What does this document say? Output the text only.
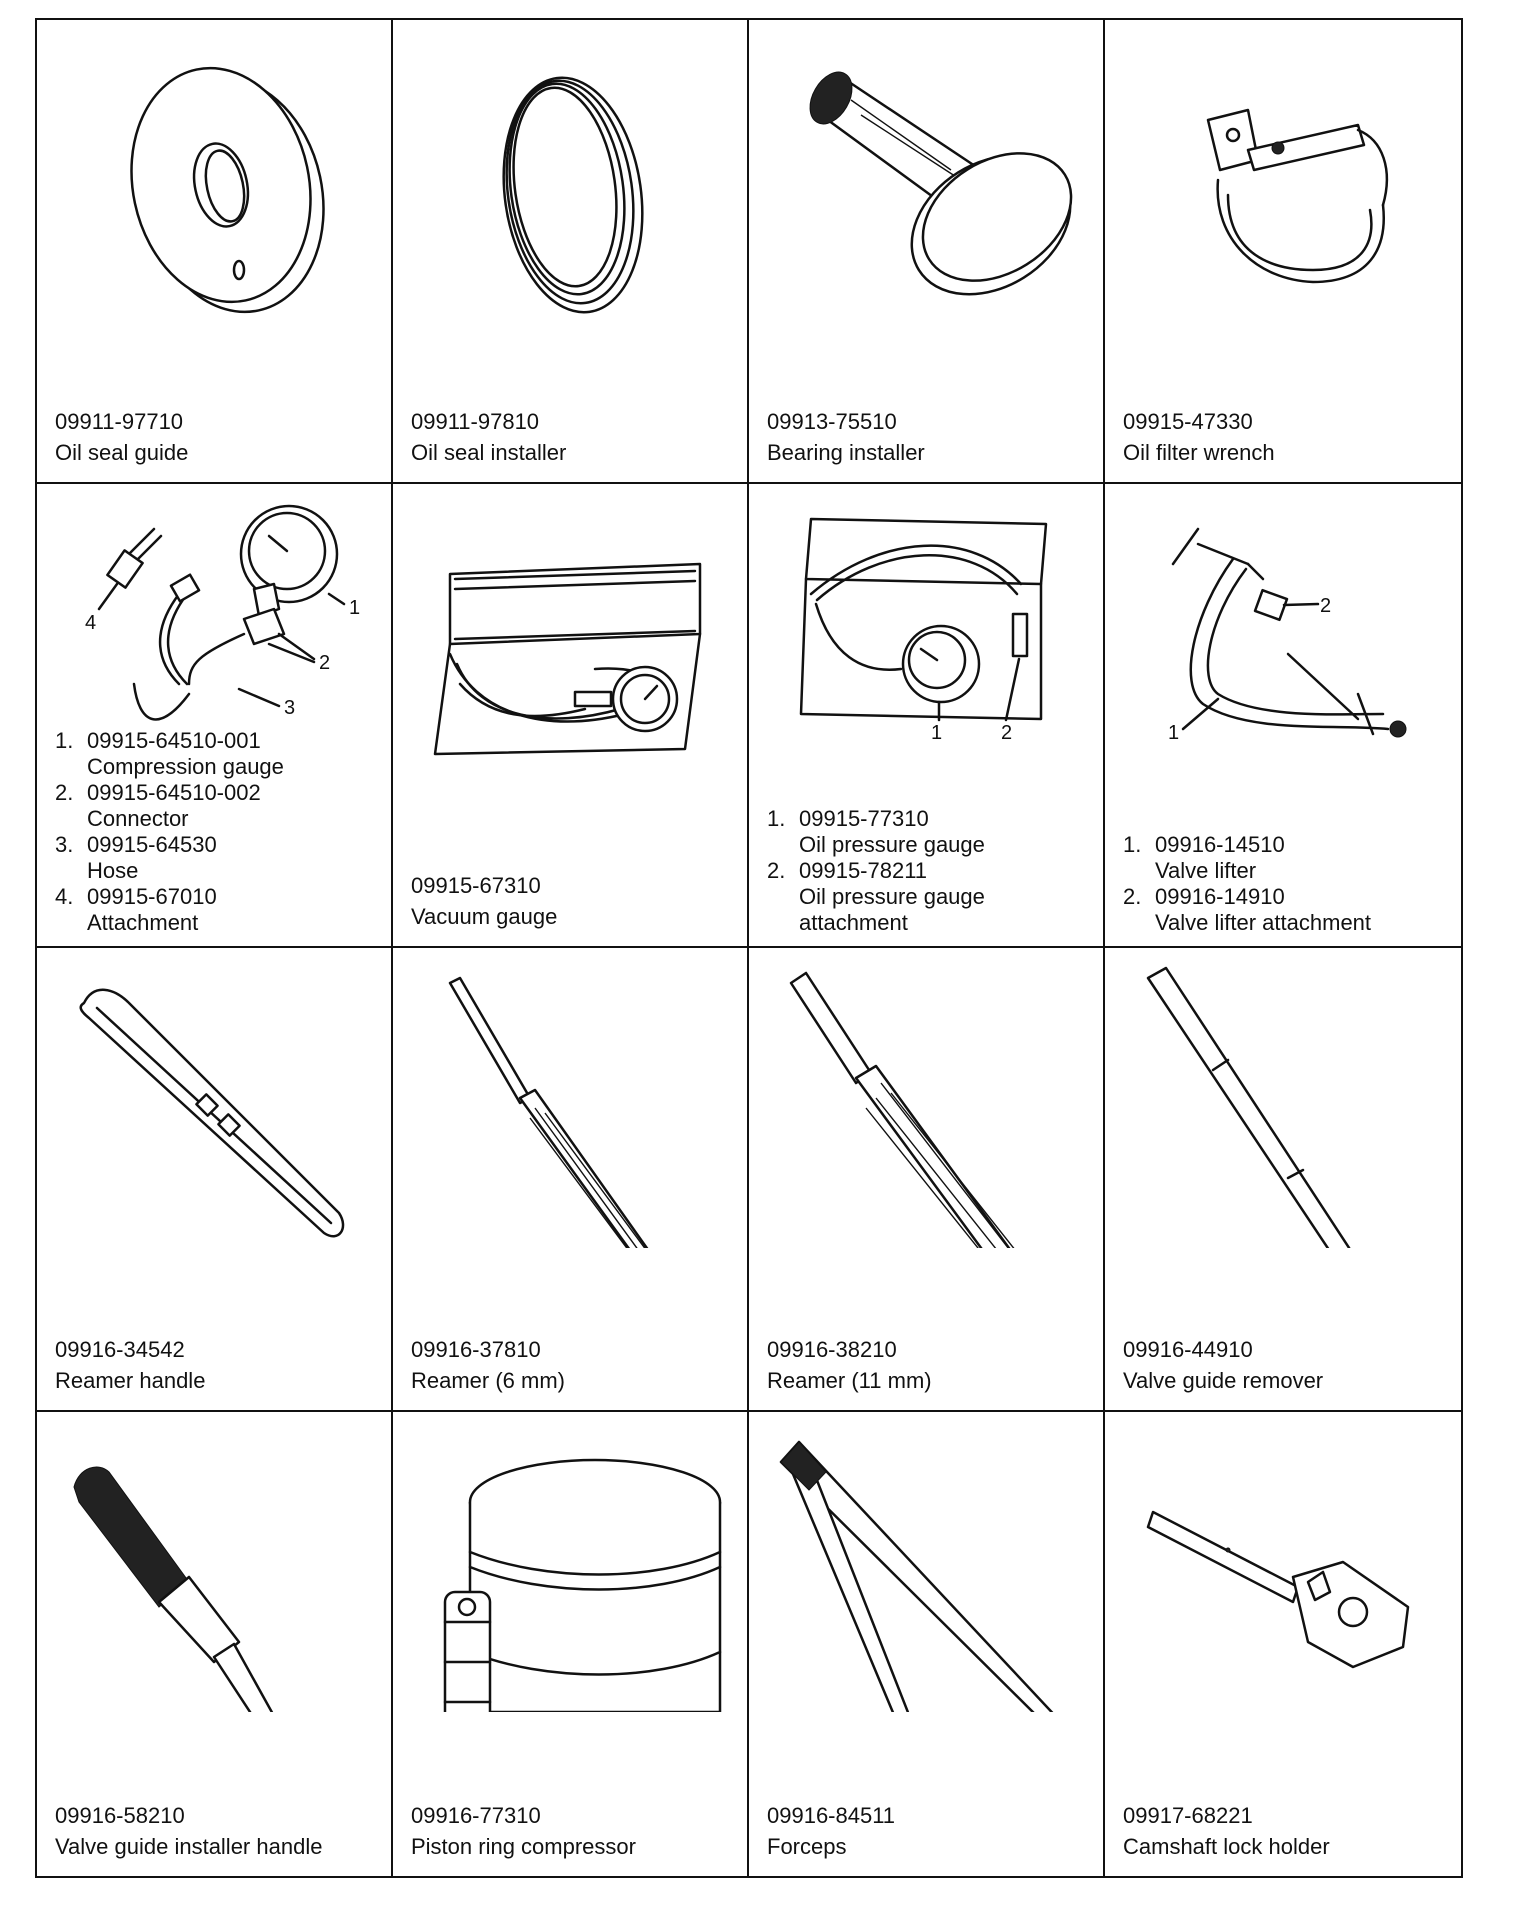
09911-97710
Oil seal guide
09911-97810
Oil seal installer
09913-75510
Bearing installer
09915-47330
Oil filter wrench
4
1
2
3
1. 09915-64510-001
Compression gauge
2. 09915-64510-002
Connector
3. 09915-64530
Hose
4. 09915-67010
Attachment
09915-67310
Vacuum gauge
1	2
1. 09915-77310
Oil pressure gauge
2. 09915-78211
Oil pressure gauge
attachment
2
1
1. 09916-14510
Valve lifter
2. 09916-14910
Valve lifter attachment
09916-34542
Reamer handle
09916-37810
Reamer (6 mm)
09916-38210
Reamer (11 mm)
09916-44910
Valve guide remover
09916-58210
Valve guide installer handle
09916-77310
Piston ring compressor
09916-84511
Forceps
09917-68221
Camshaft lock holder
